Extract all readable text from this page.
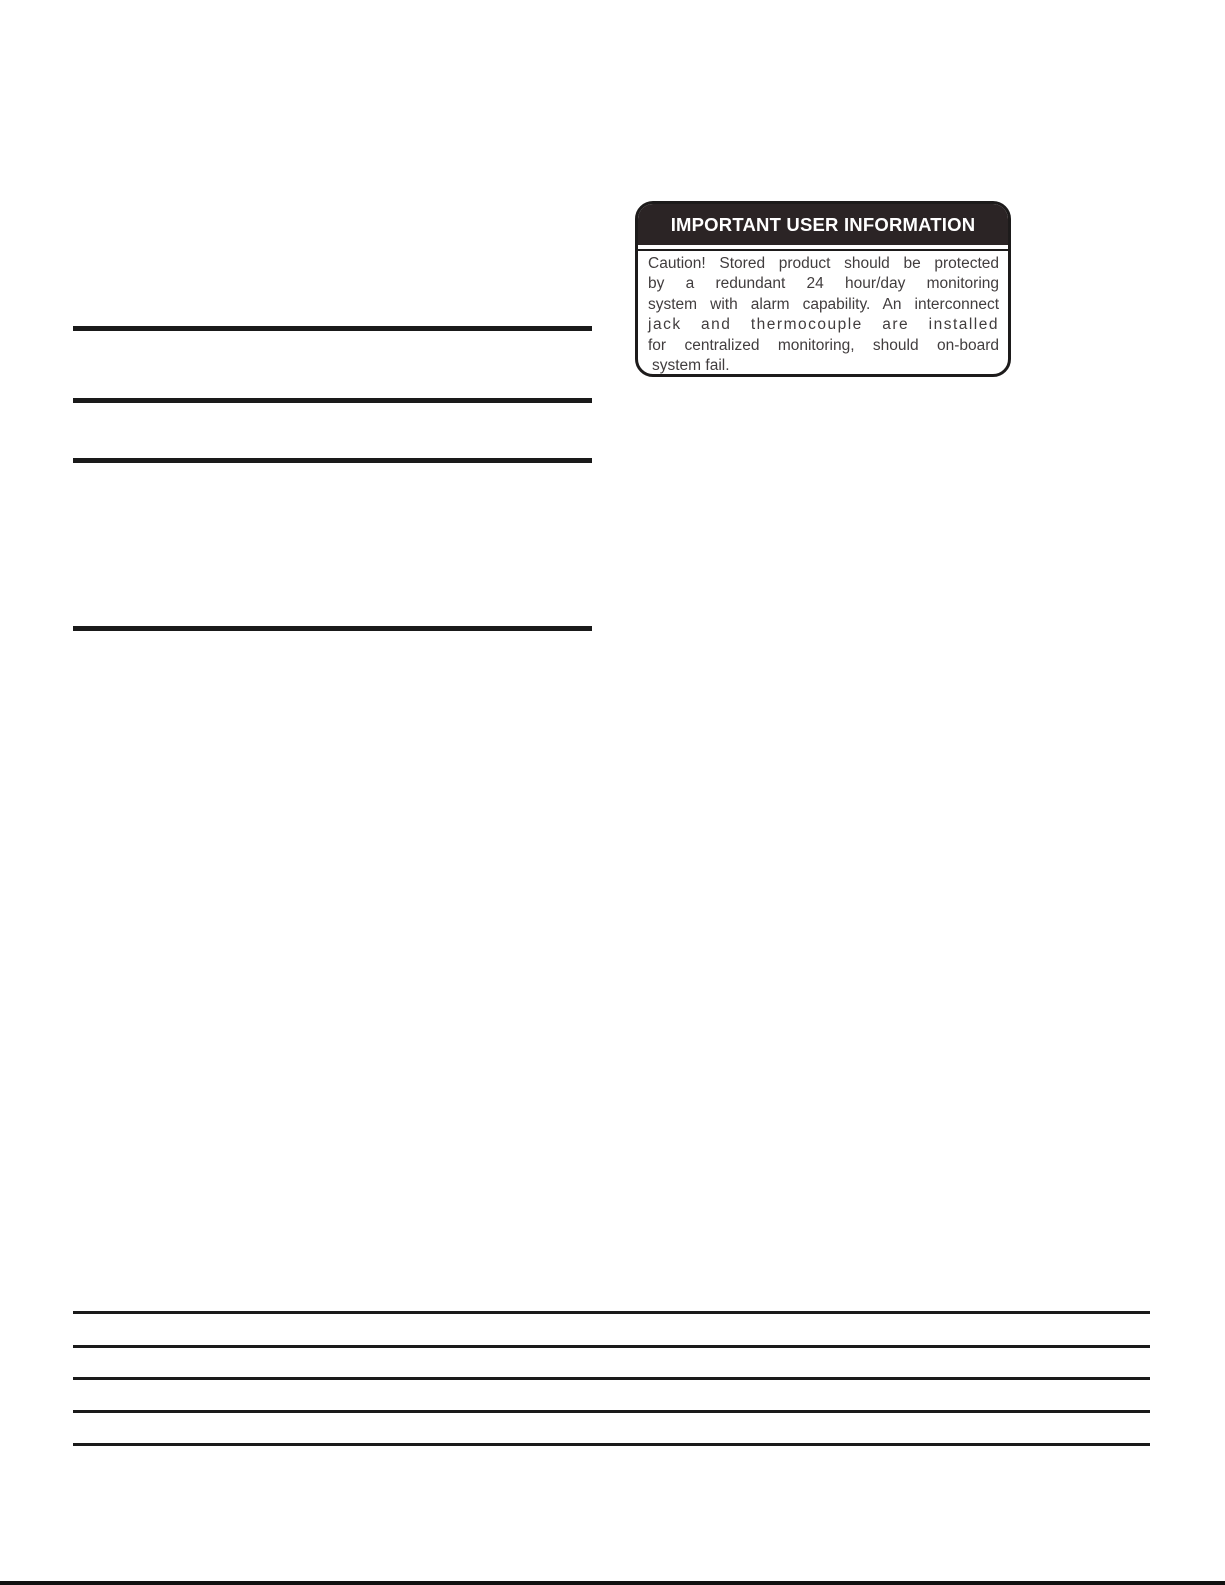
IMPORTANT USER INFORMATION
Caution! Stored product should be protected
by a redundant 24 hour/day monitoring
system with alarm capability. An interconnect
jack and thermocouple are installed
for centralized monitoring, should on-board
system fail.
